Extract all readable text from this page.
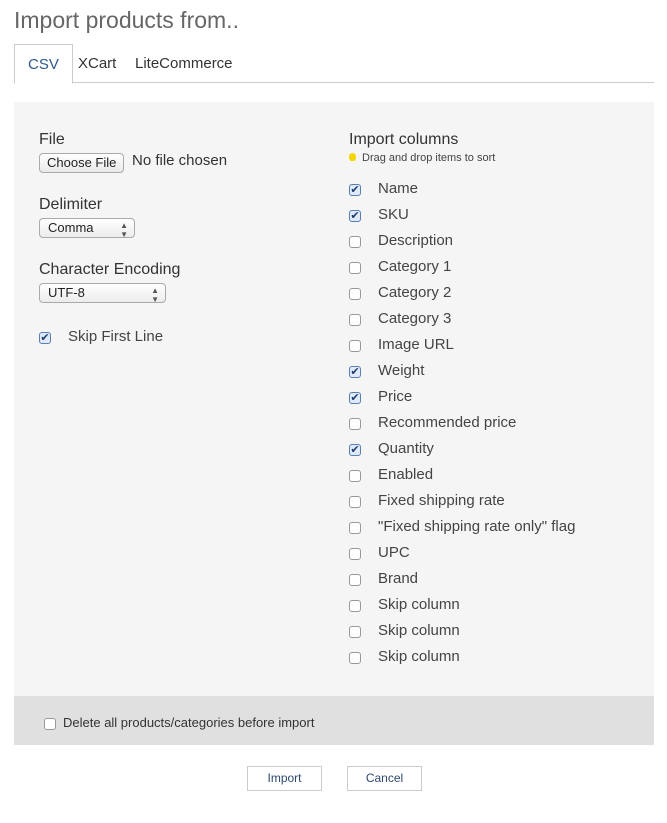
Import products from..
CSV	XCart LiteCommerce
File
Choose File	No file chosen
Delimiter
Comma	▲
▼
Character Encoding
UTF-8	▲
▼
✔ Skip First Line
Import columns
Drag and drop items to sort
✔ Name
✔ SKU
Description
Category 1
Category 2
Category 3
Image URL
✔ Weight
✔ Price
Recommended price
✔ Quantity
Enabled
Fixed shipping rate
"Fixed shipping rate only" flag
UPC
Brand
Skip column
Skip column
Skip column
Delete all products/categories before import
Import	Cancel
